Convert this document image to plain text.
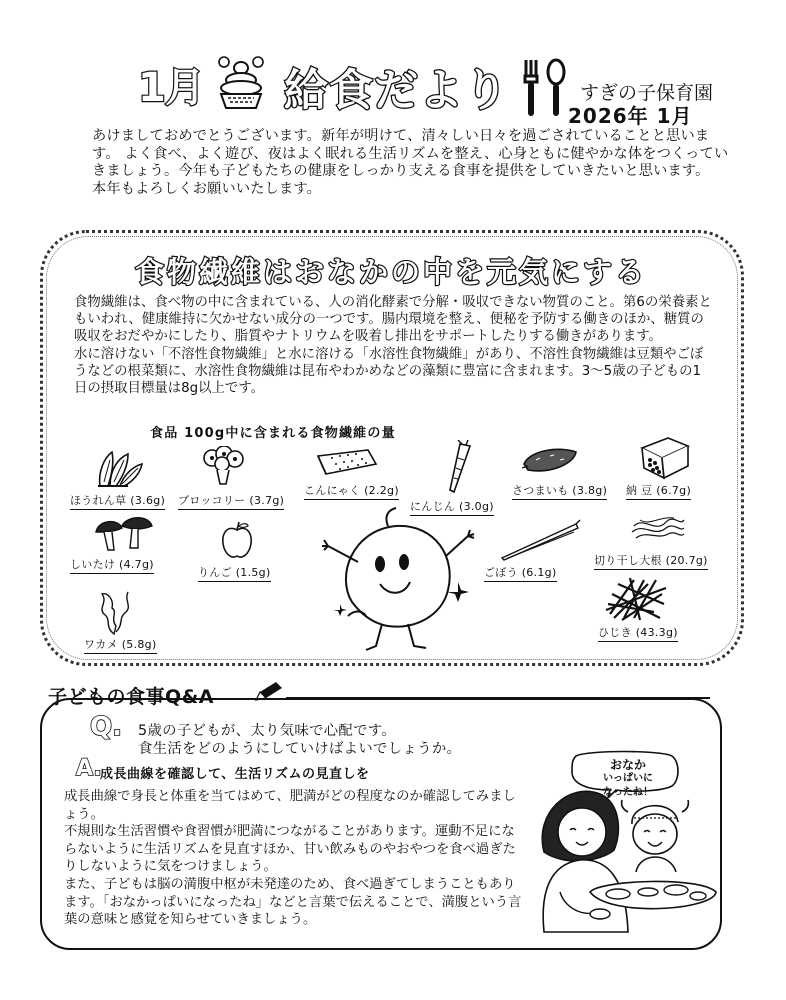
1月 給食だより	すぎの子保育園
2026年 1月

あけましておめでとうございます。新年が明けて、清々しい日々を過ごされていることと思います。 よく食べ、よく遊び、夜はよく眠れる生活リズムを整え、心身ともに健やかな体をつくっていきましょう。今年も子どもたちの健康をしっかり支える食事を提供をしていきたいと思います。

本年もよろしくお願いいたします。

食物繊維はおなかの中を元気にする

食物繊維は、食べ物の中に含まれている、人の消化酵素で分解・吸収できない物質のこと。第6の栄養素ともいわれ、健康維持に欠かせない成分の一つです。腸内環境を整え、便秘を予防する働きのほか、糖質の吸収をおだやかにしたり、脂質やナトリウムを吸着し排出をサポートしたりする働きがあります。

水に溶けない「不溶性食物繊維」と水に溶ける「水溶性食物繊維」があり、不溶性食物繊維は豆類やごぼうなどの根菜類に、水溶性食物繊維は昆布やわかめなどの藻類に豊富に含まれます。3～5歳の子どもの1日の摂取目標量は8g以上です。

食品 100g中に含まれる食物繊維の量
ほうれん草 (3.6g) ブロッコリー (3.7g)
こんにゃく (2.2g)
にんじん (3.0g)
さつまいも (3.8g) 納 豆 (6.7g)
しいたけ (4.7g)
りんご (1.5g)	ごぼう (6.1g)
切り干し大根 (20.7g)
ワカメ (5.8g)
ひじき (43.3g)
子どもの食事Q&A
Q. 5歳の子どもが、太り気味で心配です。
食生活をどのようにしていけばよいでしょうか。
A.
成長曲線を確認して、生活リズムの見直しを

成長曲線で身長と体重を当てはめて、肥満がどの程度なのか確認してみましょう。

不規則な生活習慣や食習慣が肥満につながることがあります。運動不足にならないように生活リズムを見直すほか、甘い飲みものやおやつを食べ過ぎたりしないように気をつけましょう。

また、子どもは脳の満腹中枢が未発達のため、食べ過ぎてしまうこともあります。「おなかっぱいになったね」などと言葉で伝えることで、満腹という言葉の意味と感覚を知らせていきましょう。

おなか
いっぱいに
なったね！
